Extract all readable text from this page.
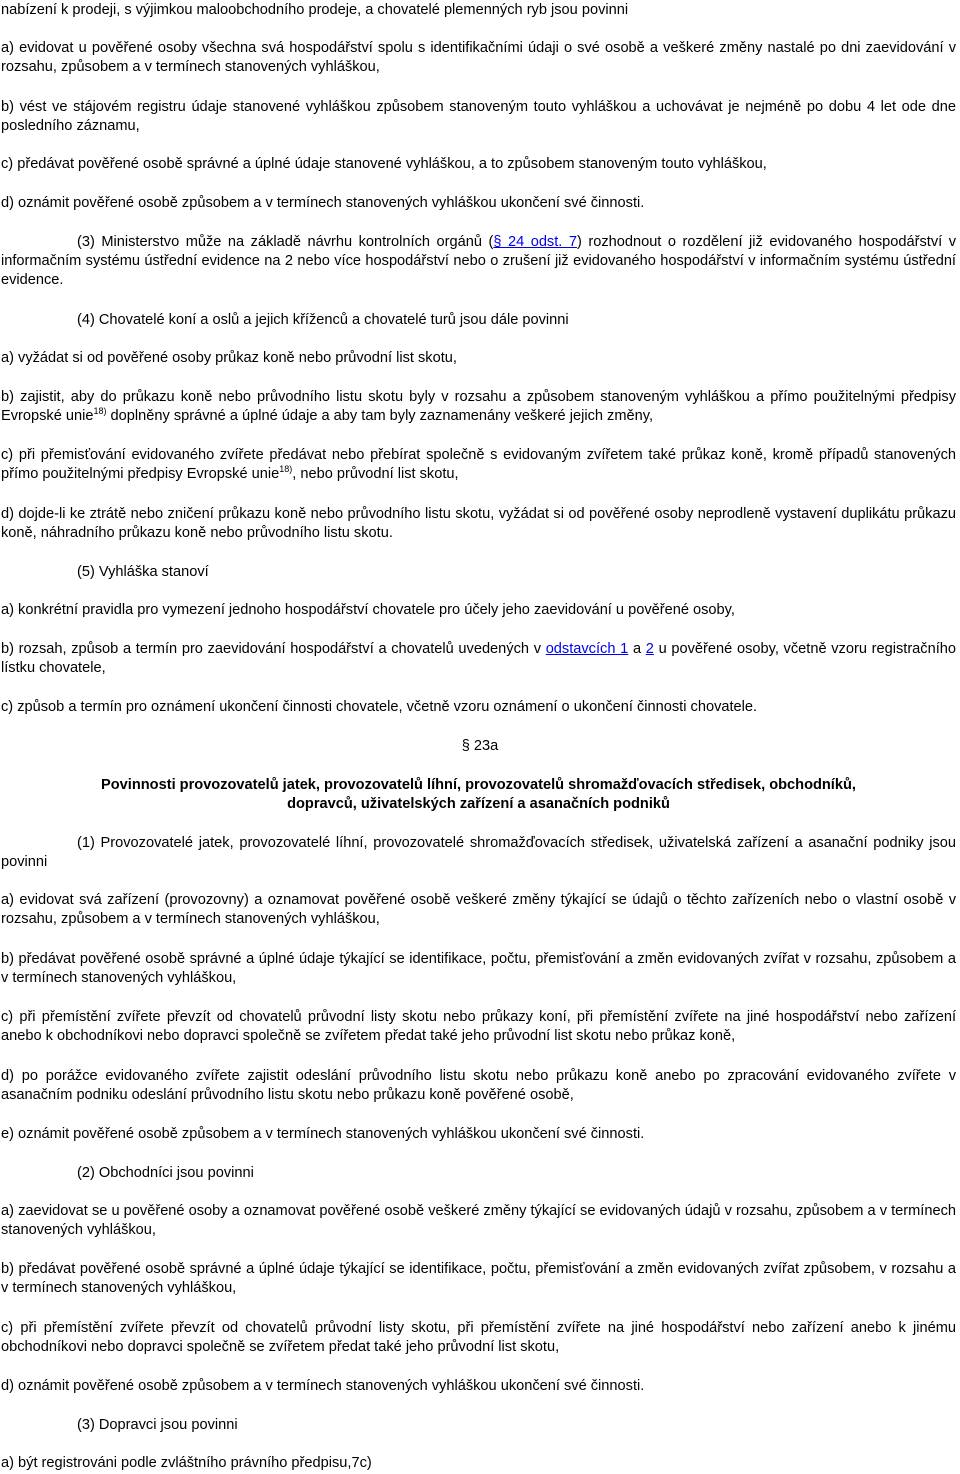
nabízení k prodeji, s výjimkou maloobchodního prodeje, a chovatelé plemenných ryb jsou povinni

a) evidovat u pověřené osoby všechna svá hospodářství spolu s identifikačními údaji o své osobě a veškeré změny nastalé po dni zaevidování v rozsahu, způsobem a v termínech stanovených vyhláškou,

b) vést ve stájovém registru údaje stanovené vyhláškou způsobem stanoveným touto vyhláškou a uchovávat je nejméně po dobu 4 let ode dne posledního záznamu,

c) předávat pověřené osobě správné a úplné údaje stanovené vyhláškou, a to způsobem stanoveným touto vyhláškou,

d) oznámit pověřené osobě způsobem a v termínech stanovených vyhláškou ukončení své činnosti.

(3) Ministerstvo může na základě návrhu kontrolních orgánů (§ 24 odst. 7) rozhodnout o rozdělení již evidovaného hospodářství v informačním systému ústřední evidence na 2 nebo více hospodářství nebo o zrušení již evidovaného hospodářství v informačním systému ústřední evidence.

(4) Chovatelé koní a oslů a jejich kříženců a chovatelé turů jsou dále povinni

a) vyžádat si od pověřené osoby průkaz koně nebo průvodní list skotu,

b) zajistit, aby do průkazu koně nebo průvodního listu skotu byly v rozsahu a způsobem stanoveným vyhláškou a přímo použitelnými předpisy Evropské unie$^{18)}$ doplněny správné a úplné údaje a aby tam byly zaznamenány veškeré jejich změny,

c) při přemisťování evidovaného zvířete předávat nebo přebírat společně s evidovaným zvířetem také průkaz koně, kromě případů stanovených přímo použitelnými předpisy Evropské unie$^{18)}$, nebo průvodní list skotu,

d) dojde-li ke ztrátě nebo zničení průkazu koně nebo průvodního listu skotu, vyžádat si od pověřené osoby neprodleně vystavení duplikátu průkazu koně, náhradního průkazu koně nebo průvodního listu skotu.

(5) Vyhláška stanoví

a) konkrétní pravidla pro vymezení jednoho hospodářství chovatele pro účely jeho zaevidování u pověřené osoby,

b) rozsah, způsob a termín pro zaevidování hospodářství a chovatelů uvedených v odstavcích 1 a 2 u pověřené osoby, včetně vzoru registračního lístku chovatele,

c) způsob a termín pro oznámení ukončení činnosti chovatele, včetně vzoru oznámení o ukončení činnosti chovatele.

§ 23a

Povinnosti provozovatelů jatek, provozovatelů líhní, provozovatelů shromažďovacích středisek, obchodníků,

dopravců, uživatelských zařízení a asanačních podniků

(1) Provozovatelé jatek, provozovatelé líhní, provozovatelé shromažďovacích středisek, uživatelská zařízení a asanační podniky jsou povinni

a) evidovat svá zařízení (provozovny) a oznamovat pověřené osobě veškeré změny týkající se údajů o těchto zařízeních nebo o vlastní osobě v rozsahu, způsobem a v termínech stanovených vyhláškou,

b) předávat pověřené osobě správné a úplné údaje týkající se identifikace, počtu, přemisťování a změn evidovaných zvířat v rozsahu, způsobem a v termínech stanovených vyhláškou,

c) při přemístění zvířete převzít od chovatelů průvodní listy skotu nebo průkazy koní, při přemístění zvířete na jiné hospodářství nebo zařízení anebo k obchodníkovi nebo dopravci společně se zvířetem předat také jeho průvodní list skotu nebo průkaz koně,

d) po porážce evidovaného zvířete zajistit odeslání průvodního listu skotu nebo průkazu koně anebo po zpracování evidovaného zvířete v asanačním podniku odeslání průvodního listu skotu nebo průkazu koně pověřené osobě,

e) oznámit pověřené osobě způsobem a v termínech stanovených vyhláškou ukončení své činnosti.

(2) Obchodníci jsou povinni

a) zaevidovat se u pověřené osoby a oznamovat pověřené osobě veškeré změny týkající se evidovaných údajů v rozsahu, způsobem a v termínech stanovených vyhláškou,

b) předávat pověřené osobě správné a úplné údaje týkající se identifikace, počtu, přemisťování a změn evidovaných zvířat způsobem, v rozsahu a v termínech stanovených vyhláškou,

c) při přemístění zvířete převzít od chovatelů průvodní listy skotu, při přemístění zvířete na jiné hospodářství nebo zařízení anebo k jinému obchodníkovi nebo dopravci společně se zvířetem předat také jeho průvodní list skotu,

d) oznámit pověřené osobě způsobem a v termínech stanovených vyhláškou ukončení své činnosti.

(3) Dopravci jsou povinni

a) být registrováni podle zvláštního právního předpisu,7c)
